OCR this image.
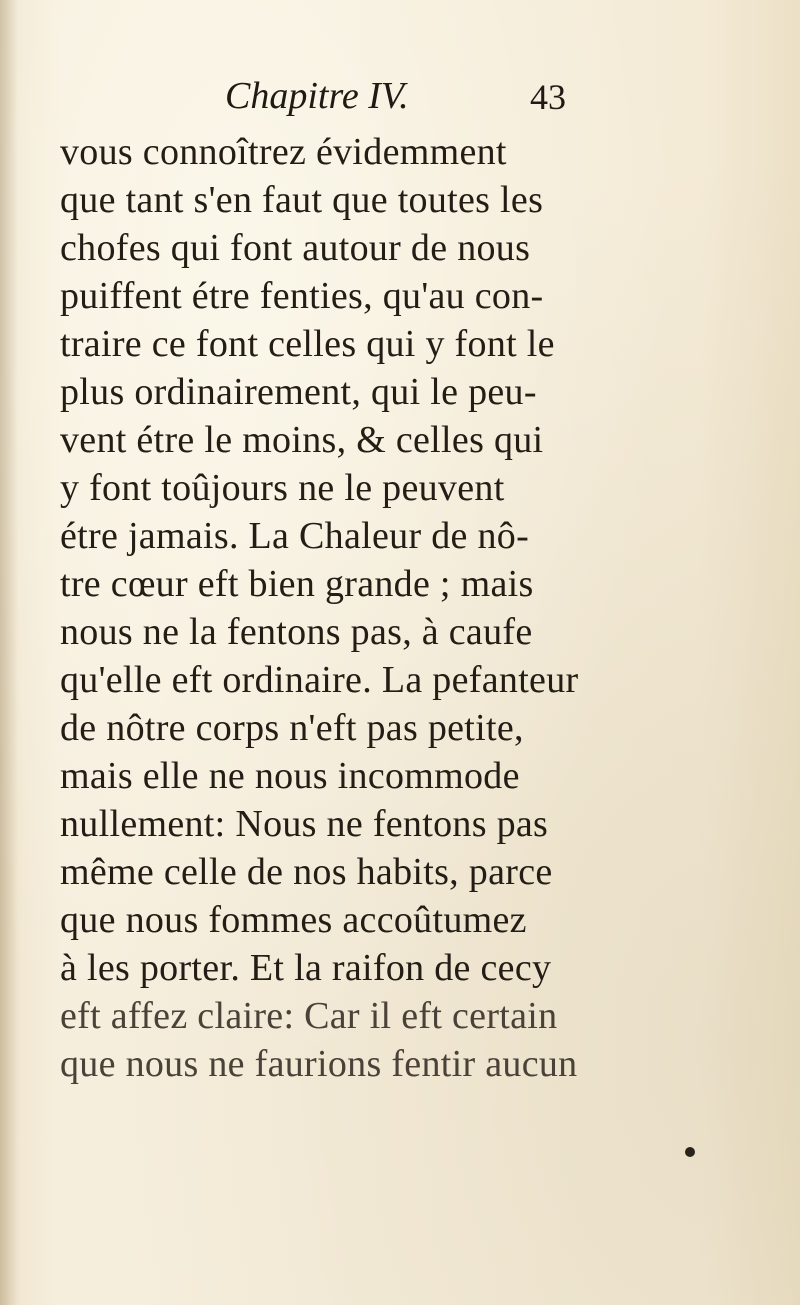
Chapitre IV.	43
vous connoîtrez évidemment
que tant s'en faut que toutes les
chofes qui font autour de nous
puiffent étre fenties, qu'au con-
traire ce font celles qui y font le
plus ordinairement, qui le peu-
vent étre le moins, & celles qui
y font toûjours ne le peuvent
étre jamais. La Chaleur de nô-
tre cœur eft bien grande ; mais
nous ne la fentons pas, à caufe
qu'elle eft ordinaire. La pefanteur
de nôtre corps n'eft pas petite,
mais elle ne nous incommode
nullement: Nous ne fentons pas
même celle de nos habits, parce
que nous fommes accoûtumez
à les porter. Et la raifon de cecy
eft affez claire: Car il eft certain
que nous ne faurions fentir aucun
